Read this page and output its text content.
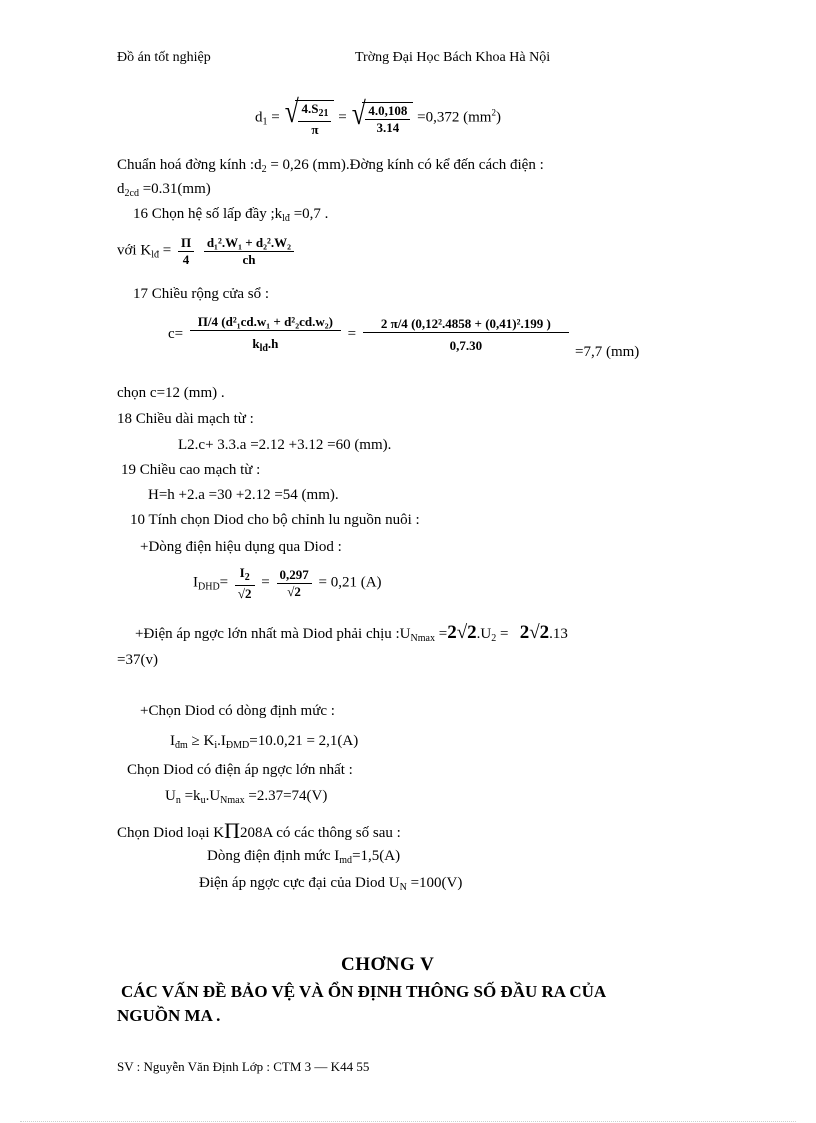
Đồ án tốt nghiệp	Trờng Đại Học Bách Khoa Hà Nội
$d_1$ = √ $\frac{4.S_{21}}{\pi}$ = √ $\frac{4.0,108}{3.14} =0,372$ $(mm^2)$
Chuẩn hoá đờng kính $:d_2 = 0,26$ (mm).Đờng kính có kể đến cách điện :
$d_{2cd} =0.31(mm)$
16 Chọn hệ số lấp đầy $;k_{lđ} =0,7$ .
với $K_{lđ} = \frac{\Pi}{4}$
$\frac{\text{d₁².W₁ + d₂².W₂}}{ch}$
17 Chiều rộng cửa sổ :
$c= \frac{\text{Π/4 (d²₁cd.w₁ + d²₂cd.w₂)}}{k_{lđ}.h} = \frac{\text{2 π/4 (0,12².4858 + (0,41)².199 )}}{0,7.30} =7,7$ (mm)
chọn c=12 (mm) .
18 Chiều dài mạch từ :
L2.c+ 3.3.a =2.12 +3.12 =60 (mm).
19 Chiều cao mạch từ :
H=h +2.a =30 +2.12 =54 (mm).
10 Tính chọn Diod cho bộ chỉnh lu nguồn nuôi :
+Dòng điện hiệu dụng qua Diod :
$I_{DHD}= \frac{I_2}{√2} = \frac{0,297}{√2} = 0,21$ (A)
+Điện áp ngợc lớn nhất mà Diod phải chịu $:U_{Nmax} =2√2.U_2 = 2√2.13$
=37(v)
+Chọn Diod có dòng định mức :
$I_{đm} \ge K_i.I_{ĐMD}=10.0,21 = 2,1(A)$
Chọn Diod có điện áp ngợc lớn nhất :
$U_n =k_u.U_{Nmax} =2.37=74(V)$
Chọn Diod loại KΠ208A có các thông số sau :
Dòng điện định mức $I_{md}=1,5(A)$
Điện áp ngợc cực đại của Diod $U_N =100(V)$
CHƠNG V
CÁC VẤN ĐỀ BẢO VỆ VÀ ỔN ĐỊNH THÔNG SỐ ĐẦU RA CỦA
NGUỒN MA .
SV : Nguyễn Văn Định Lớp : CTM 3 — K44 55
